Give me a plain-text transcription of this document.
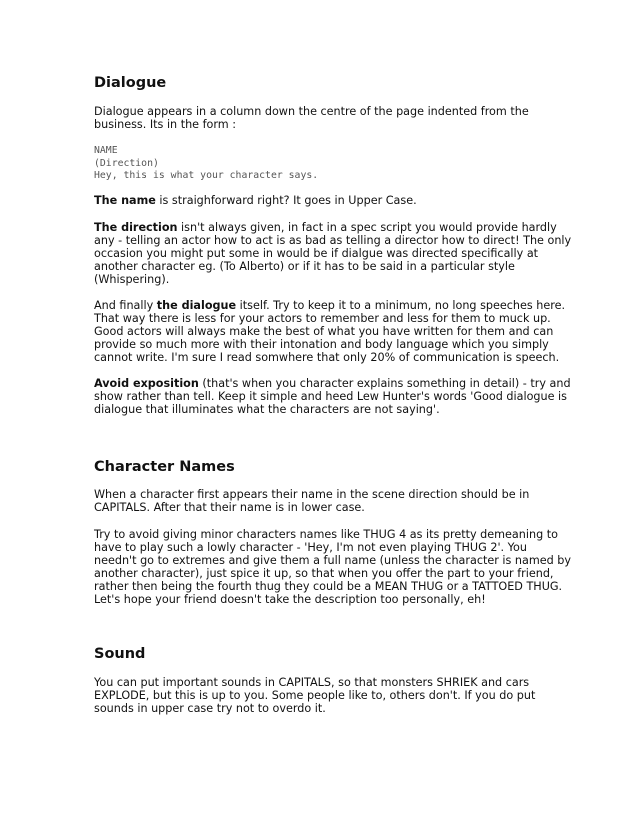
Dialogue

Dialogue appears in a column down the centre of the page indented from the
business. Its in the form :

NAME
(Direction)
Hey, this is what your character says.

The name is straighforward right? It goes in Upper Case.

The direction isn't always given, in fact in a spec script you would provide hardly
any - telling an actor how to act is as bad as telling a director how to direct! The only
occasion you might put some in would be if dialgue was directed specifically at
another character eg. (To Alberto) or if it has to be said in a particular style
(Whispering).

And finally the dialogue itself. Try to keep it to a minimum, no long speeches here.
That way there is less for your actors to remember and less for them to muck up.
Good actors will always make the best of what you have written for them and can
provide so much more with their intonation and body language which you simply
cannot write. I'm sure I read somwhere that only 20% of communication is speech.

Avoid exposition (that's when you character explains something in detail) - try and
show rather than tell. Keep it simple and heed Lew Hunter's words 'Good dialogue is
dialogue that illuminates what the characters are not saying'.

Character Names

When a character first appears their name in the scene direction should be in
CAPITALS. After that their name is in lower case.

Try to avoid giving minor characters names like THUG 4 as its pretty demeaning to
have to play such a lowly character - 'Hey, I'm not even playing THUG 2'. You
needn't go to extremes and give them a full name (unless the character is named by
another character), just spice it up, so that when you offer the part to your friend,
rather then being the fourth thug they could be a MEAN THUG or a TATTOED THUG.
Let's hope your friend doesn't take the description too personally, eh!

Sound

You can put important sounds in CAPITALS, so that monsters SHRIEK and cars
EXPLODE, but this is up to you. Some people like to, others don't. If you do put
sounds in upper case try not to overdo it.
